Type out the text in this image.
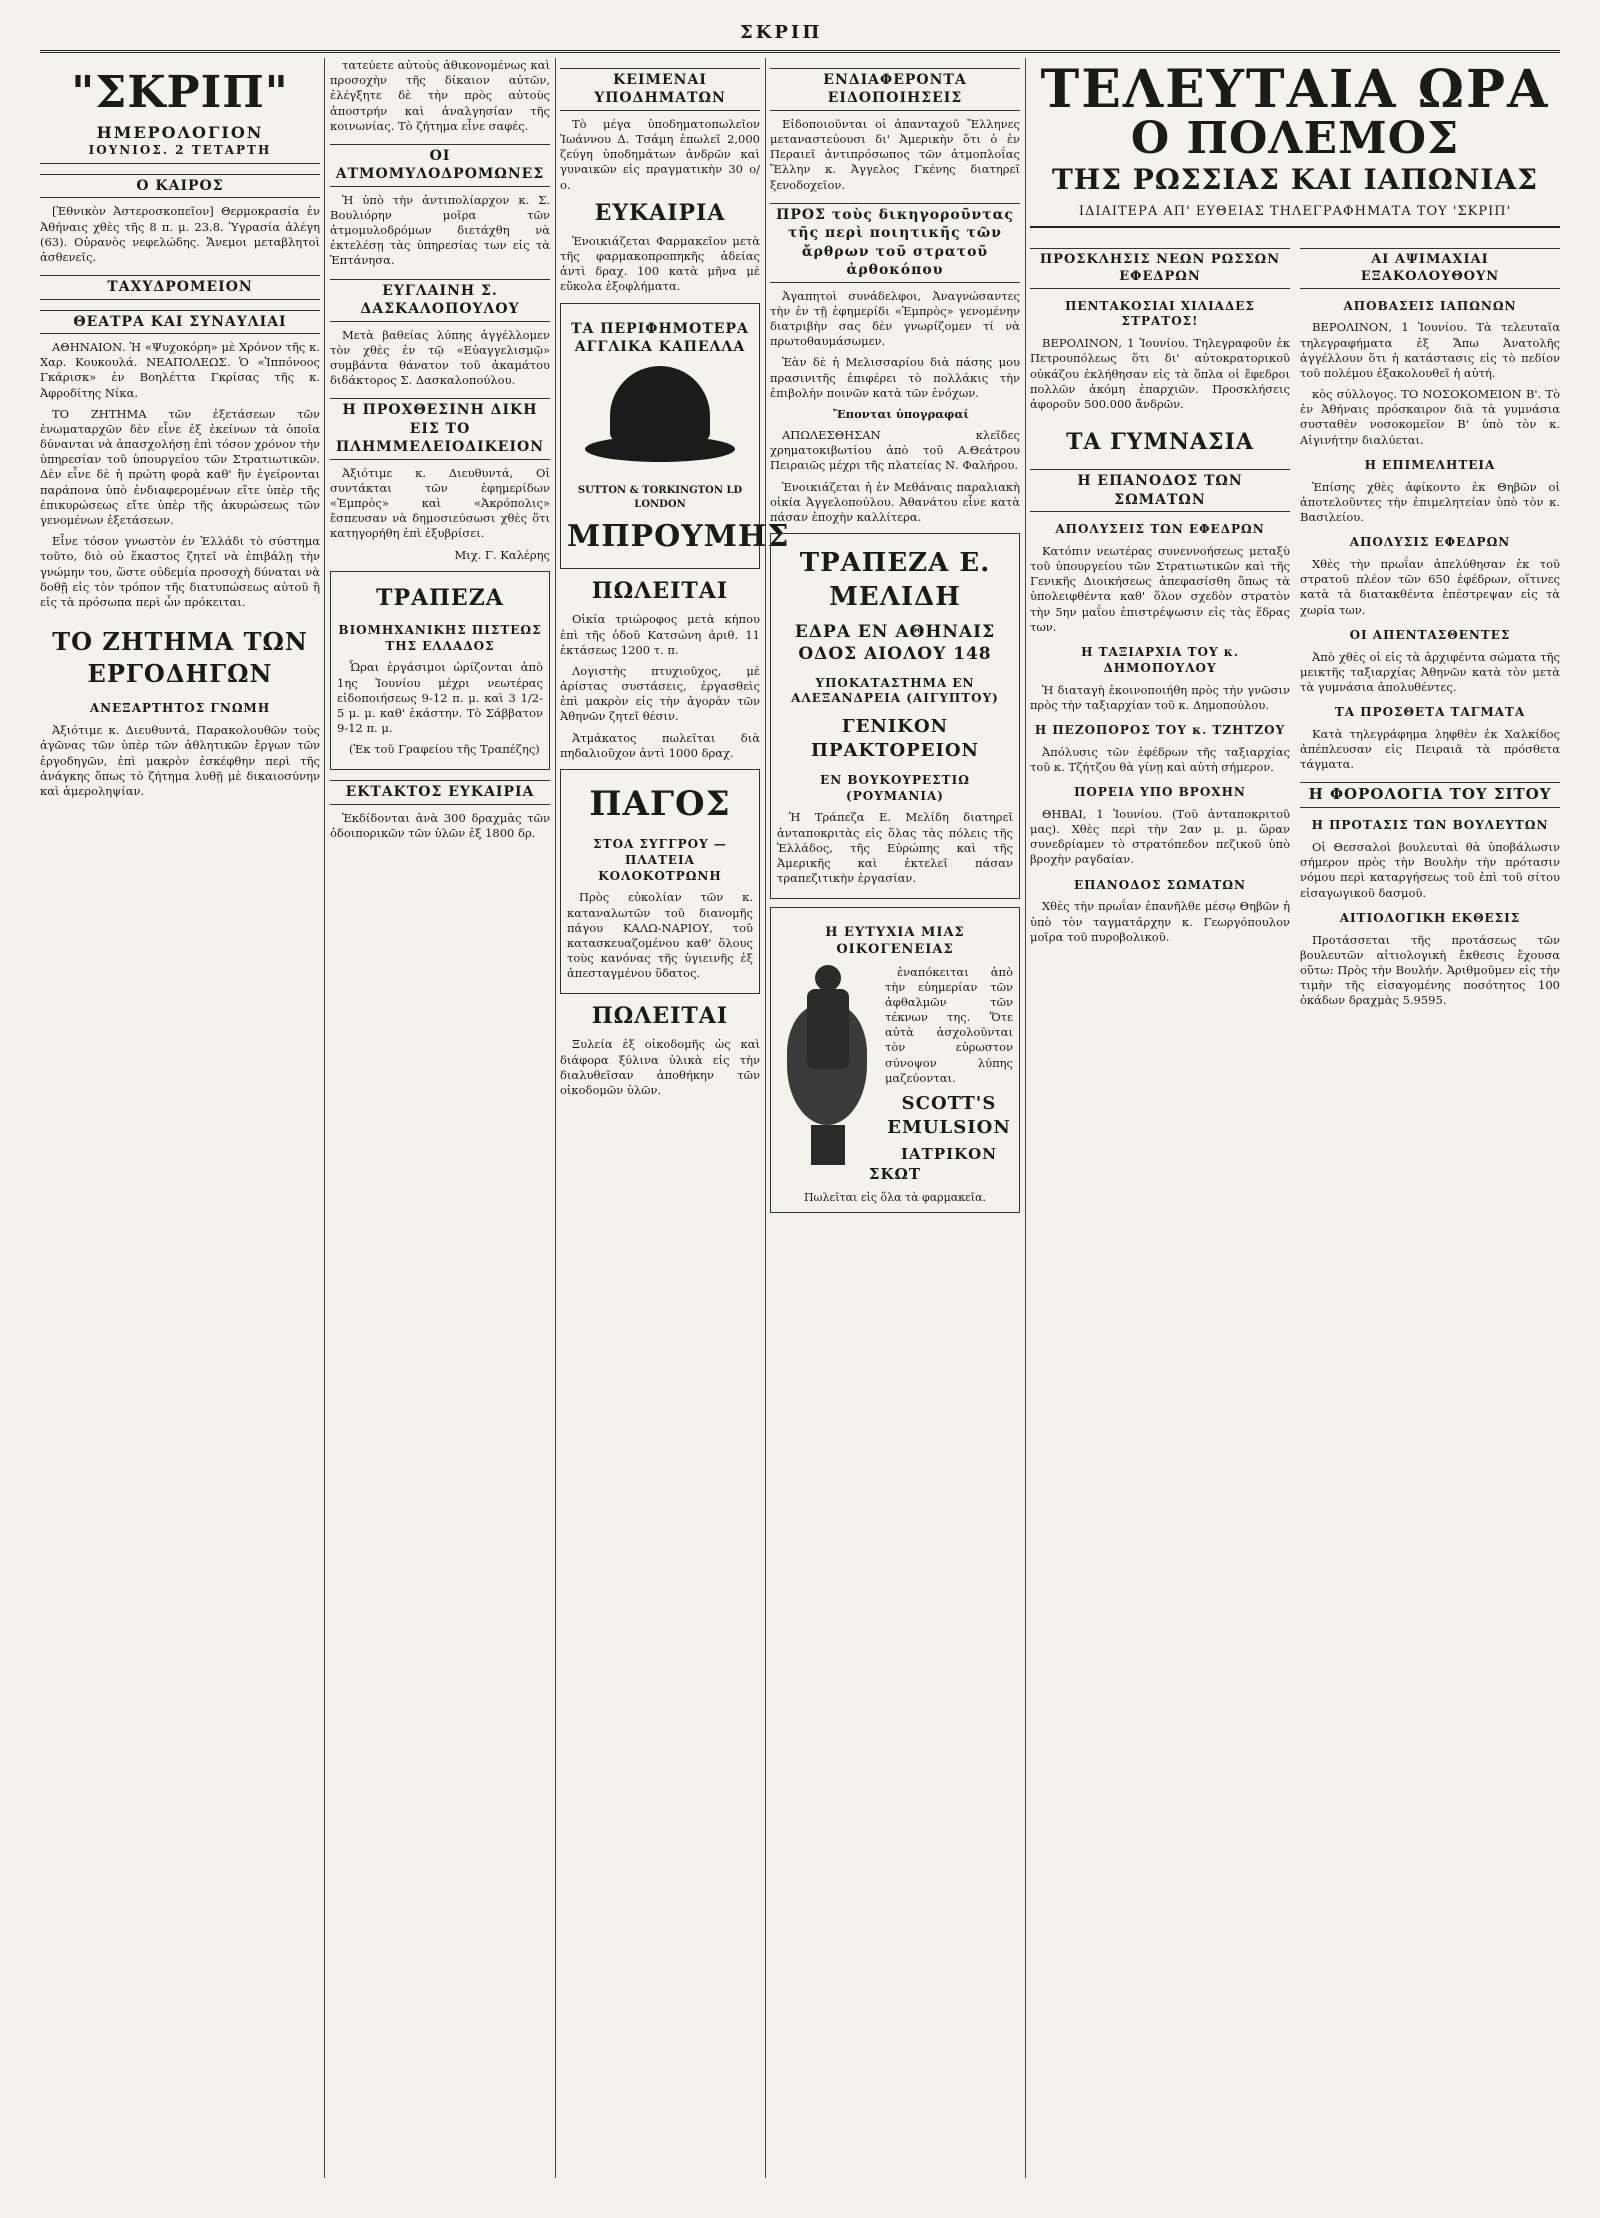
ΣΚΡΙΠ
"ΣΚΡΙΠ"
ΗΜΕΡΟΛΟΓΙΟΝ
ΙΟΥΝΙΟΣ. 2 ΤΕΤΑΡΤΗ
Ο ΚΑΙΡΟΣ

[Ἐθνικὸν Ἀστεροσκοπεῖον] Θερμοκρασία ἐν Ἀθήναις χθὲς τῆς 8 π. μ. 23.8. Ὑγρασία ἀλέγη (63). Οὐρανὸς νεφελώδης. Ἄνεμοι μεταβλητοὶ ἀσθενεῖς.

ΤΑΧΥΔΡΟΜΕΙΟΝ
ΘΕΑΤΡΑ ΚΑΙ ΣΥΝΑΥΛΙΑΙ

ΑΘΗΝΑΙΟΝ. Ἡ «Ψυχοκόρη» μὲ Χρόνον τῆς κ. Χαρ. Κουκουλά. ΝΕΑΠΟΛΕΩΣ. Ὁ «Ἰππόνοος Γκάρισκ» ἐν Βοηλέττα Γκρίσας τῆς κ. Ἀφροδίτης Νίκα.

ΤΟ ΖΗΤΗΜΑ τῶν ἐξετάσεων τῶν ἐνωματαρχῶν δὲν εἶνε ἐξ ἐκείνων τὰ ὁποῖα δύνανται νὰ ἀπασχολήσῃ ἐπὶ τόσον χρόνον τὴν ὑπηρεσίαν τοῦ ὑπουργείου τῶν Στρατιωτικῶν. Δὲν εἶνε δὲ ἡ πρώτη φορὰ καθ' ἣν ἐγείρονται παράπονα ὑπὸ ἐνδιαφερομένων εἴτε ὑπὲρ τῆς ἐπικυρώσεως εἴτε ὑπὲρ τῆς ἀκυρώσεως τῶν γενομένων ἐξετάσεων.

Εἶνε τόσον γνωστὸν ἐν Ἑλλάδι τὸ σύστημα τοῦτο, διὸ οὐ ἕκαστος ζητεῖ νὰ ἐπιβάλῃ τὴν γνώμην του, ὥστε οὐδεμία προσοχὴ δύναται νὰ δοθῇ εἰς τὸν τρόπον τῆς διατυπώσεως αὐτοῦ ἢ εἰς τὰ πρόσωπα περὶ ὧν πρόκειται.

ΤΟ ΖΗΤΗΜΑ ΤΩΝ ΕΡΓΟΔΗΓΩΝ
ΑΝΕΞΑΡΤΗΤΟΣ ΓΝΩΜΗ

Ἀξιότιμε κ. Διευθυντά, Παρακολουθῶν τοὺς ἀγῶνας τῶν ὑπὲρ τῶν ἀθλητικῶν ἔργων τῶν ἐργοδηγῶν, ἐπὶ μακρὸν ἐσκέφθην περὶ τῆς ἀνάγκης ὅπως τὸ ζήτημα λυθῇ μὲ δικαιοσύνην καὶ ἀμεροληψίαν.

τατεύετε αὐτοὺς ἀθικονομένως καὶ προσοχὴν τῆς δίκαιον αὐτῶν, ἐλέγξητε δὲ τὴν πρὸς αὐτοὺς ἀποστρήν καὶ ἀναλγησίαν τῆς κοινωνίας. Τὸ ζήτημα εἶνε σαφές.

ΟΙ ΑΤΜΟΜΥΛΟΔΡΟΜΩΝΕΣ

Ἡ ὑπὸ τὴν ἀντιπολίαρχον κ. Σ. Βουλιόρην μοῖρα τῶν ἀτμομυλοδρόμων διετάχθη νὰ ἐκτελέσῃ τὰς ὑπηρεσίας των εἰς τὰ Ἑπτάνησα.

ΕΥΓΛΑΙΝΗ Σ. ΔΑΣΚΑΛΟΠΟΥΛΟΥ

Μετὰ βαθείας λύπης ἀγγέλλομεν τὸν χθὲς ἐν τῷ «Εὐαγγελισμῷ» συμβάντα θάνατον τοῦ ἀκαμάτου διδάκτορος Σ. Δασκαλοπούλου.

Η ΠΡΟΧΘΕΣΙΝΗ ΔΙΚΗ ΕΙΣ ΤΟ ΠΛΗΜΜΕΛΕΙΟΔΙΚΕΙΟΝ

Ἀξιότιμε κ. Διευθυντά, Οἱ συντάκται τῶν ἐφημερίδων «Ἑμπρὸς» καὶ «Ἀκρόπολις» ἔσπευσαν νὰ δημοσιεύσωσι χθὲς ὅτι κατηγορήθη ἐπὶ ἐξυβρίσει.

Μιχ. Γ. Καλέρης

ΤΡΑΠΕΖΑ
ΒΙΟΜΗΧΑΝΙΚΗΣ ΠΙΣΤΕΩΣ ΤΗΣ ΕΛΛΑΔΟΣ

Ὧραι ἐργάσιμοι ὡρίζονται ἀπὸ 1ης Ἰουνίου μέχρι νεωτέρας εἰδοποιήσεως 9-12 π. μ. καὶ 3 1/2-5 μ. μ. καθ' ἑκάστην. Τὸ Σάββατον 9-12 π. μ.

(Ἐκ τοῦ Γραφείου τῆς Τραπέζης)

ΕΚΤΑΚΤΟΣ ΕΥΚΑΙΡΙΑ

Ἐκδίδονται ἀνὰ 300 δραχμὰς τῶν ὀδοιπορικῶν τῶν ὑλῶν ἐξ 1800 δρ.

ΚΕΙΜΕΝΑΙ ΥΠΟΔΗΜΑΤΩΝ

Τὸ μέγα ὑποδηματοπωλεῖον Ἰωάννου Δ. Τσάμη ἐπωλεῖ 2,000 ζεύγη ὑποδημάτων ἀνδρῶν καὶ γυναικῶν εἰς πραγματικὴν 30 ο/ο.

ΕΥΚΑΙΡΙΑ

Ἐνοικιάζεται Φαρμακεῖον μετὰ τῆς φαρμακοπροπηκῆς ἀδείας ἀντὶ δραχ. 100 κατὰ μῆνα μὲ εὔκολα ἐξοφλήματα.

ΤΑ ΠΕΡΙΦΗΜΟΤΕΡΑ ΑΓΓΛΙΚΑ ΚΑΠΕΛΛΑ
SUTTON & TORKINGTON LD LONDON
ΜΠΡΟΥΜΗΣ
ΠΩΛΕΙΤΑΙ

Οἰκία τριώροφος μετὰ κήπου ἐπὶ τῆς ὁδοῦ Κατσώνη ἀριθ. 11 ἐκτάσεως 1200 τ. π.

Λογιστὴς πτυχιοῦχος, μὲ ἀρίστας συστάσεις, ἐργασθεὶς ἐπὶ μακρὸν εἰς τὴν ἀγορὰν τῶν Ἀθηνῶν ζητεῖ θέσιν.

Ἀτμάκατος πωλεῖται διὰ πηδαλιοῦχον ἀντὶ 1000 δραχ.

ΠΑΓΟΣ
ΣΤΟΑ ΣΥΓΓΡΟΥ — ΠΛΑΤΕΙΑ ΚΟΛΟΚΟΤΡΩΝΗ

Πρὸς εὐκολίαν τῶν κ. καταναλωτῶν τοῦ διανομῆς πάγου ΚΑΛΩ-ΝΑΡΙΟΥ, τοῦ κατασκευαζομένου καθ' ὅλους τοὺς κανόνας τῆς ὑγιεινῆς ἐξ ἀπεσταγμένου ὕδατος.

ΠΩΛΕΙΤΑΙ

Ξυλεία ἐξ οἰκοδομῆς ὡς καὶ διάφορα ξύλινα ὑλικὰ εἰς τὴν διαλυθεῖσαν ἀποθήκην τῶν οἰκοδομῶν ὑλῶν.

ΕΝΔΙΑΦΕΡΟΝΤΑ ΕΙΔΟΠΟΙΗΣΕΙΣ

Εἰδοποιοῦνται οἱ ἁπανταχοῦ Ἕλληνες μεταναστεύουσι δι' Ἀμερικὴν ὅτι ὁ ἐν Περαιεῖ ἀντιπρόσωπος τῶν ἀτμοπλοΐας Ἕλλην κ. Ἀγγελος Γκένης διατηρεῖ ξενοδοχεῖον.

ΠΡΟΣ τοὺς δικηγοροῦντας τῆς περὶ ποιητικῆς τῶν ἄρθρων τοῦ στρατοῦ ἀρθοκόπου

Ἀγαπητοὶ συνάδελφοι, Ἀναγνώσαντες τὴν ἐν τῇ ἐφημερίδι «Ἑμπρὸς» γενομένην διατριβὴν σας δὲν γνωρίζομεν τί νὰ πρωτοθαυμάσωμεν.

Ἐὰν δὲ ἡ Μελισσαρίου διὰ πάσης μου πρασινιτῆς ἐπιφέρει τὸ πολλάκις τὴν ἐπιβολὴν ποινῶν κατὰ τῶν ἐνόχων.

Ἔπονται ὑπογραφαί

ΑΠΩΛΕΣΘΗΣΑΝ κλεῖδες χρηματοκιβωτίου ἀπὸ τοῦ Α.Θεάτρου Πειραιῶς μέχρι τῆς πλατείας Ν. Φαλήρου.

Ἐνοικιάζεται ἡ ἐν Μεθάναις παραλιακὴ οἰκία Ἀγγελοπούλου. Ἀθανάτου εἶνε κατὰ πάσαν ἐποχὴν καλλίτερα.

ΤΡΑΠΕΖΑ Ε. ΜΕΛΙΔΗ
ΕΔΡΑ ΕΝ ΑΘΗΝΑΙΣ ΟΔΟΣ ΑΙΟΛΟΥ 148
ΥΠΟΚΑΤΑΣΤΗΜΑ ΕΝ ΑΛΕΞΑΝΔΡΕΙΑ (ΑΙΓΥΠΤΟΥ)
ΓΕΝΙΚΟΝ ΠΡΑΚΤΟΡΕΙΟΝ
ΕΝ ΒΟΥΚΟΥΡΕΣΤΙΩ (ΡΟΥΜΑΝΙΑ)

Ἡ Τράπεζα Ε. Μελίδη διατηρεῖ ἀνταποκριτὰς εἰς ὅλας τὰς πόλεις τῆς Ἑλλάδος, τῆς Εὐρώπης καὶ τῆς Ἀμερικῆς καὶ ἐκτελεῖ πάσαν τραπεζιτικὴν ἐργασίαν.

Η ΕΥΤΥΧΙΑ ΜΙΑΣ ΟΙΚΟΓΕΝΕΙΑΣ

ἐναπόκειται ἀπὸ τὴν εὐημερίαν τῶν ἀφθαλμῶν τῶν τέκνων της. Ὅτε αὐτὰ ἀσχολοῦνται τὸν εὐρωστον σύνοψον λύπης μαζεύονται.

SCOTT'S EMULSION
ΙΑΤΡΙΚΟΝ ΣΚΩΤ
Πωλεῖται εἰς ὅλα τὰ φαρμακεῖα.
ΤΕΛΕΥΤΑΙΑ ΩΡΑ
Ο ΠΟΛΕΜΟΣ
ΤΗΣ ΡΩΣΣΙΑΣ ΚΑΙ ΙΑΠΩΝΙΑΣ
ΙΔΙΑΙΤΕΡΑ ΑΠ' ΕΥΘΕΙΑΣ ΤΗΛΕΓΡΑΦΗΜΑΤΑ ΤΟΥ 'ΣΚΡΙΠ'
ΠΡΟΣΚΛΗΣΙΣ ΝΕΩΝ ΡΩΣΣΩΝ ΕΦΕΔΡΩΝ
ΠΕΝΤΑΚΟΣΙΑΙ ΧΙΛΙΑΔΕΣ ΣΤΡΑΤΟΣ!

ΒΕΡΟΛΙΝΟΝ, 1 Ἰουνίου. Τηλεγραφοῦν ἐκ Πετρουπόλεως ὅτι δι' αὐτοκρατορικοῦ οὐκάζου ἐκλήθησαν εἰς τὰ ὅπλα οἱ ἔφεδροι πολλῶν ἀκόμη ἐπαρχιῶν. Προσκλήσεις ἀφοροῦν 500.000 ἄνδρῶν.

ΤΑ ΓΥΜΝΑΣΙΑ
Η ΕΠΑΝΟΔΟΣ ΤΩΝ ΣΩΜΑΤΩΝ
ΑΠΟΛΥΣΕΙΣ ΤΩΝ ΕΦΕΔΡΩΝ

Κατόπιν νεωτέρας συνεννοήσεως μεταξὺ τοῦ ὑπουργείου τῶν Στρατιωτικῶν καὶ τῆς Γενικῆς Διοικήσεως ἀπεφασίσθη ὅπως τὰ ὑπολειφθέντα καθ' ὅλον σχεδὸν στρατὸν τὴν 5ην μαΐου ἐπιστρέψωσιν εἰς τὰς ἕδρας των.

Η ΤΑΞΙΑΡΧΙΑ ΤΟΥ κ. ΔΗΜΟΠΟΥΛΟΥ

Ἡ διαταγὴ ἐκοινοποιήθη πρὸς τὴν γνῶσιν πρὸς τὴν ταξιαρχίαν τοῦ κ. Δημοπούλου.

Η ΠΕΖΟΠΟΡΟΣ ΤΟΥ κ. ΤΖΗΤΖΟΥ

Ἀπόλυσις τῶν ἐφέδρων τῆς ταξιαρχίας τοῦ κ. Τζήτζου θὰ γίνῃ καὶ αὐτὴ σήμερον.

ΠΟΡΕΙΑ ΥΠΟ ΒΡΟΧΗΝ

ΘΗΒΑΙ, 1 Ἰουνίου. (Τοῦ ἀνταποκριτοῦ μας). Χθὲς περὶ τὴν 2αν μ. μ. ὥραν συνεδρίαμεν τὸ στρατόπεδον πεζικοῦ ὑπὸ βροχὴν ραγδαίαν.

ΕΠΑΝΟΔΟΣ ΣΩΜΑΤΩΝ

Χθὲς τὴν πρωΐαν ἐπανῆλθε μέσῳ Θηβῶν ἡ ὑπὸ τὸν ταγματάρχην κ. Γεωργόπουλον μοῖρα τοῦ πυροβολικοῦ.

ΑΙ ΑΨΙΜΑΧΙΑΙ ΕΞΑΚΟΛΟΥΘΟΥΝ
ΑΠΟΒΑΣΕΙΣ ΙΑΠΩΝΩΝ

ΒΕΡΟΛΙΝΟΝ, 1 Ἰουνίου. Τὰ τελευταῖα τηλεγραφήματα ἐξ Ἄπω Ἀνατολῆς ἀγγέλλουν ὅτι ἡ κατάστασις εἰς τὸ πεδίον τοῦ πολέμου ἐξακολουθεῖ ἡ αὐτή.

κὸς σύλλογος. ΤΟ ΝΟΣΟΚΟΜΕΙΟΝ Β'. Τὸ ἐν Ἀθήναις πρόσκαιρον διὰ τὰ γυμνάσια συσταθὲν νοσοκομεῖον Β' ὑπὸ τὸν κ. Αἰγινήτην διαλύεται.

Η ΕΠΙΜΕΛΗΤΕΙΑ

Ἐπίσης χθὲς ἀφίκοντο ἐκ Θηβῶν οἱ ἀποτελοῦντες τὴν ἐπιμελητείαν ὑπὸ τὸν κ. Βασιλείου.

ΑΠΟΛΥΣΙΣ ΕΦΕΔΡΩΝ

Χθὲς τὴν πρωΐαν ἀπελύθησαν ἐκ τοῦ στρατοῦ πλέον τῶν 650 ἐφέδρων, οἵτινες κατὰ τὰ διατακθέντα ἐπέστρεψαν εἰς τὰ χωρία των.

ΟΙ ΑΠΕΝΤΑΣΘΕΝΤΕΣ

Ἀπὸ χθὲς οἱ εἰς τὰ ἀρχιφέντα σώματα τῆς μεικτῆς ταξιαρχίας Ἀθηνῶν κατὰ τὸν μετὰ τὰ γυμνάσια ἀπολυθέντες.

ΤΑ ΠΡΟΣΘΕΤΑ ΤΑΓΜΑΤΑ

Κατὰ τηλεγράφημα ληφθὲν ἐκ Χαλκίδος ἀπέπλευσαν εἰς Πειραιᾶ τὰ πρόσθετα τάγματα.

Η ΦΟΡΟΛΟΓΙΑ ΤΟΥ ΣΙΤΟΥ
Η ΠΡΟΤΑΣΙΣ ΤΩΝ ΒΟΥΛΕΥΤΩΝ

Οἱ Θεσσαλοὶ βουλευταὶ θὰ ὑποβάλωσιν σήμερον πρὸς τὴν Βουλὴν τὴν πρότασιν νόμου περὶ καταργήσεως τοῦ ἐπὶ τοῦ σίτου εἰσαγωγικοῦ δασμοῦ.

ΑΙΤΙΟΛΟΓΙΚΗ ΕΚΘΕΣΙΣ

Προτάσσεται τῆς προτάσεως τῶν βουλευτῶν αἰτιολογικὴ ἔκθεσις ἔχουσα οὕτω: Πρὸς τὴν Βουλήν. Ἀριθμοῦμεν εἰς τὴν τιμὴν τῆς εἰσαγομένης ποσότητος 100 ὀκάδων δραχμὰς 5.9595.
